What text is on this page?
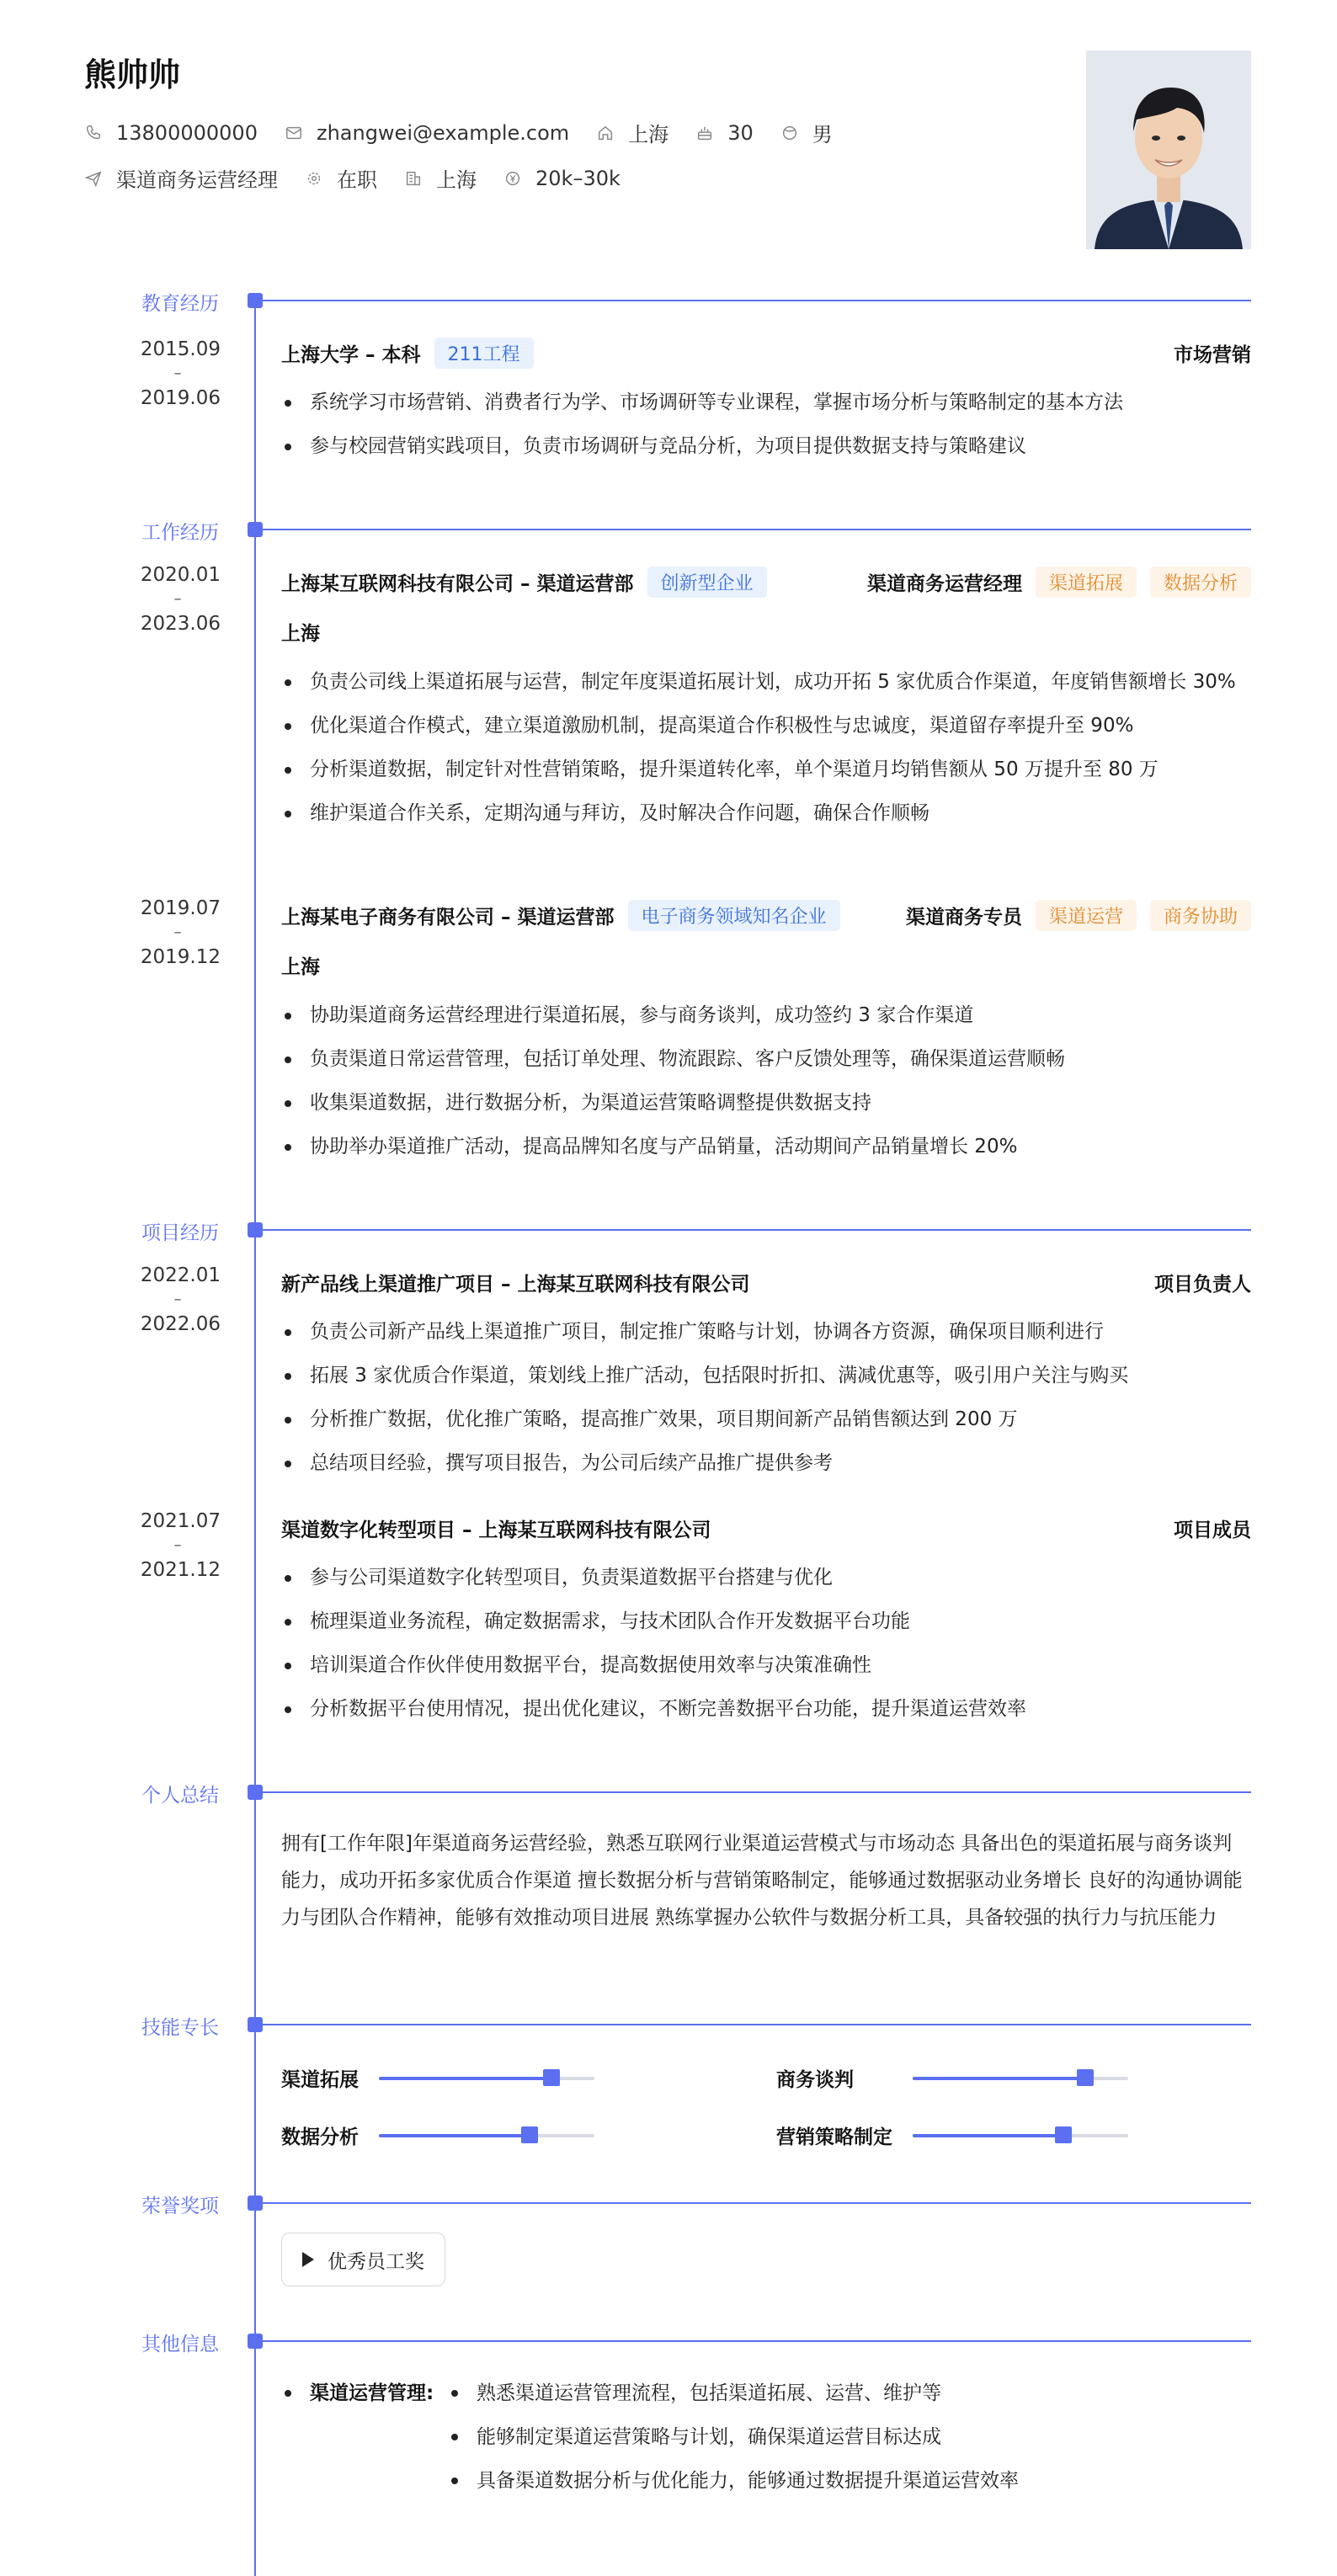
熊帅帅
13800000000	zhangwei@example.com	上海	30	男
渠道商务运营经理	在职	上海	20k–30k
教育经历
2015.09
–
2019.06
上海大学 – 本科	211工程	市场营销
系统学习市场营销、消费者行为学、市场调研等专业课程，掌握市场分析与策略制定的基本方法
参与校园营销实践项目，负责市场调研与竞品分析，为项目提供数据支持与策略建议
工作经历
2020.01
–
2023.06
上海某互联网科技有限公司 – 渠道运营部	创新型企业	渠道商务运营经理	渠道拓展	数据分析
上海
负责公司线上渠道拓展与运营，制定年度渠道拓展计划，成功开拓 5 家优质合作渠道，年度销售额增长 30%
优化渠道合作模式，建立渠道激励机制，提高渠道合作积极性与忠诚度，渠道留存率提升至 90%
分析渠道数据，制定针对性营销策略，提升渠道转化率，单个渠道月均销售额从 50 万提升至 80 万
维护渠道合作关系，定期沟通与拜访，及时解决合作问题，确保合作顺畅
2019.07
–
2019.12
上海某电子商务有限公司 – 渠道运营部	电子商务领域知名企业	渠道商务专员	渠道运营	商务协助
上海
协助渠道商务运营经理进行渠道拓展，参与商务谈判，成功签约 3 家合作渠道
负责渠道日常运营管理，包括订单处理、物流跟踪、客户反馈处理等，确保渠道运营顺畅
收集渠道数据，进行数据分析，为渠道运营策略调整提供数据支持
协助举办渠道推广活动，提高品牌知名度与产品销量，活动期间产品销量增长 20%
项目经历
2022.01
–
2022.06
新产品线上渠道推广项目 – 上海某互联网科技有限公司	项目负责人
负责公司新产品线上渠道推广项目，制定推广策略与计划，协调各方资源，确保项目顺利进行
拓展 3 家优质合作渠道，策划线上推广活动，包括限时折扣、满减优惠等，吸引用户关注与购买
分析推广数据，优化推广策略，提高推广效果，项目期间新产品销售额达到 200 万
总结项目经验，撰写项目报告，为公司后续产品推广提供参考
2021.07
–
2021.12
渠道数字化转型项目 – 上海某互联网科技有限公司	项目成员
参与公司渠道数字化转型项目，负责渠道数据平台搭建与优化
梳理渠道业务流程，确定数据需求，与技术团队合作开发数据平台功能
培训渠道合作伙伴使用数据平台，提高数据使用效率与决策准确性
分析数据平台使用情况，提出优化建议，不断完善数据平台功能，提升渠道运营效率
个人总结
拥有[工作年限]年渠道商务运营经验，熟悉互联网行业渠道运营模式与市场动态 具备出色的渠道拓展与商务谈判能力，成功开拓多家优质合作渠道 擅长数据分析与营销策略制定，能够通过数据驱动业务增长 良好的沟通协调能力与团队合作精神，能够有效推动项目进展 熟练掌握办公软件与数据分析工具，具备较强的执行力与抗压能力
技能专长
渠道拓展	商务谈判
数据分析	营销策略制定
荣誉奖项
优秀员工奖
其他信息
渠道运营管理:	熟悉渠道运营管理流程，包括渠道拓展、运营、维护等
能够制定渠道运营策略与计划，确保渠道运营目标达成
具备渠道数据分析与优化能力，能够通过数据提升渠道运营效率
